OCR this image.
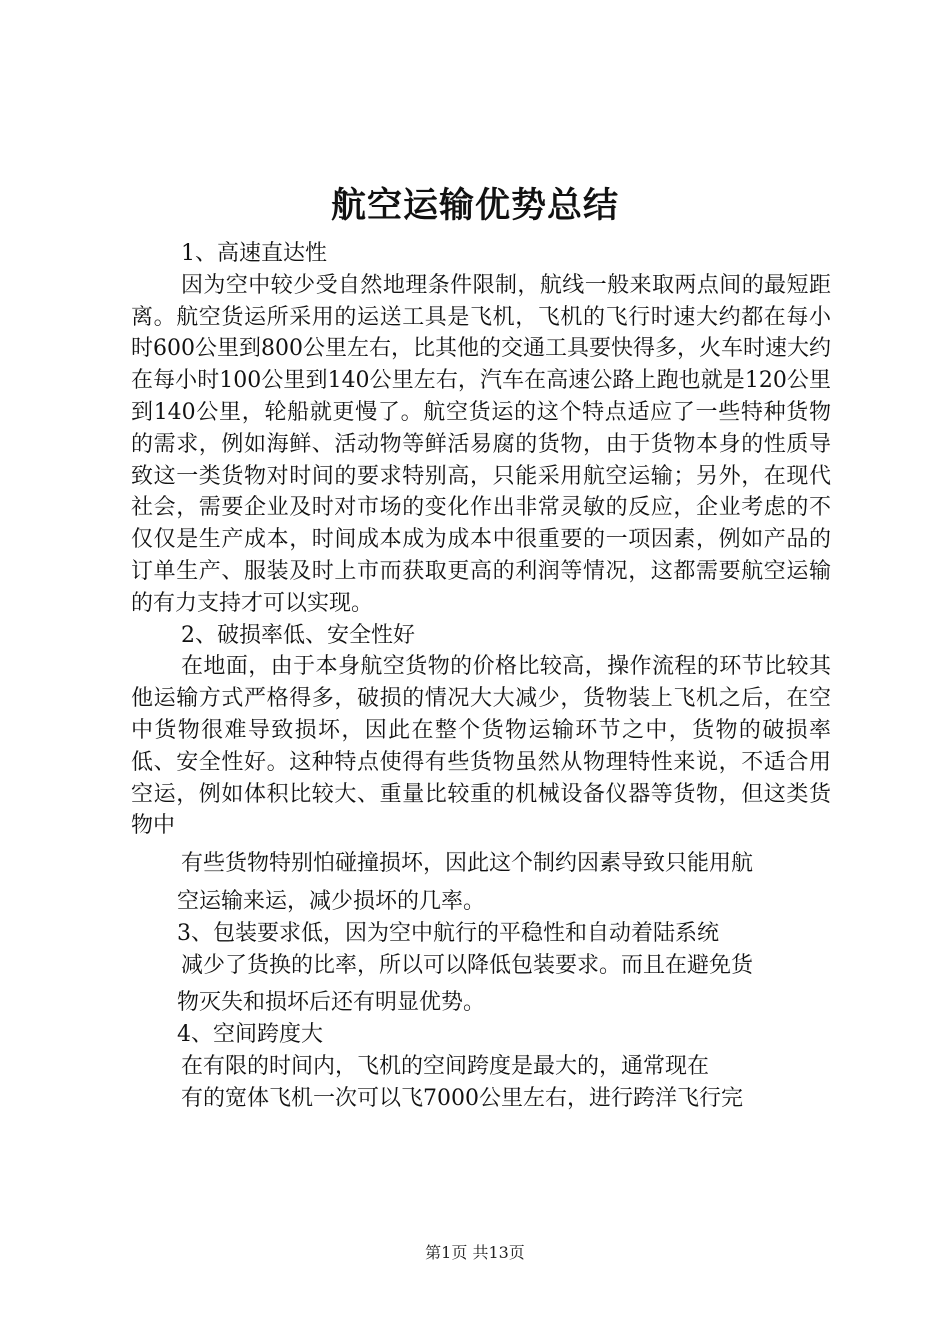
航空运输优势总结

1、高速直达性

因为空中较少受自然地理条件限制，航线一般来取两点间的最短距离。航空货运所采用的运送工具是飞机，飞机的飞行时速大约都在每小时600公里到800公里左右，比其他的交通工具要快得多，火车时速大约在每小时100公里到140公里左右，汽车在高速公路上跑也就是120公里到140公里，轮船就更慢了。航空货运的这个特点适应了一些特种货物的需求，例如海鲜、活动物等鲜活易腐的货物，由于货物本身的性质导致这一类货物对时间的要求特别高，只能采用航空运输；另外，在现代社会，需要企业及时对市场的变化作出非常灵敏的反应，企业考虑的不仅仅是生产成本，时间成本成为成本中很重要的一项因素，例如产品的订单生产、服装及时上市而获取更高的利润等情况，这都需要航空运输的有力支持才可以实现。

2、破损率低、安全性好

在地面，由于本身航空货物的价格比较高，操作流程的环节比较其他运输方式严格得多，破损的情况大大减少，货物装上飞机之后，在空中货物很难导致损坏，因此在整个货物运输环节之中，货物的破损率低、安全性好。这种特点使得有些货物虽然从物理特性来说，不适合用空运，例如体积比较大、重量比较重的机械设备仪器等货物，但这类货物中

有些货物特别怕碰撞损坏，因此这个制约因素导致只能用航

空运输来运，减少损坏的几率。

3、包装要求低，因为空中航行的平稳性和自动着陆系统

减少了货换的比率，所以可以降低包装要求。而且在避免货

物灭失和损坏后还有明显优势。

4、空间跨度大

在有限的时间内，飞机的空间跨度是最大的，通常现在

有的宽体飞机一次可以飞7000公里左右，进行跨洋飞行完

第1页 共13页
